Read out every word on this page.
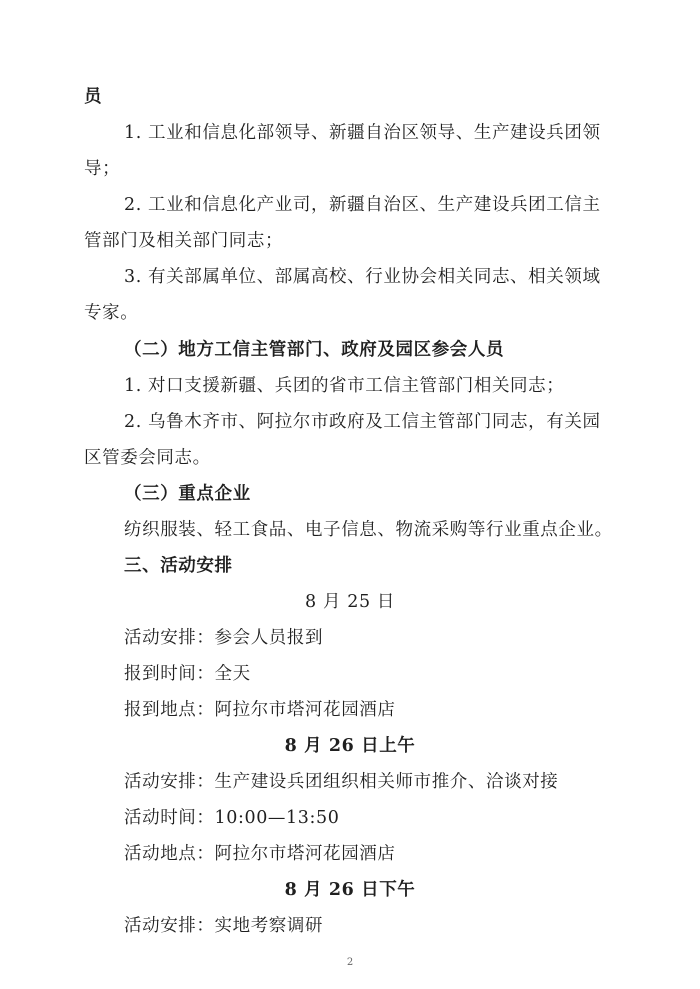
员
1. 工业和信息化部领导、新疆自治区领导、生产建设兵团领
导；
2. 工业和信息化产业司，新疆自治区、生产建设兵团工信主
管部门及相关部门同志；
3. 有关部属单位、部属高校、行业协会相关同志、相关领域
专家。
（二）地方工信主管部门、政府及园区参会人员
1. 对口支援新疆、兵团的省市工信主管部门相关同志；
2. 乌鲁木齐市、阿拉尔市政府及工信主管部门同志，有关园
区管委会同志。
（三）重点企业
纺织服装、轻工食品、电子信息、物流采购等行业重点企业。
三、活动安排
8 月 25 日
活动安排：参会人员报到
报到时间：全天
报到地点：阿拉尔市塔河花园酒店
8 月 26 日上午
活动安排：生产建设兵团组织相关师市推介、洽谈对接
活动时间：10:00—13:50
活动地点：阿拉尔市塔河花园酒店
8 月 26 日下午
活动安排：实地考察调研
2
